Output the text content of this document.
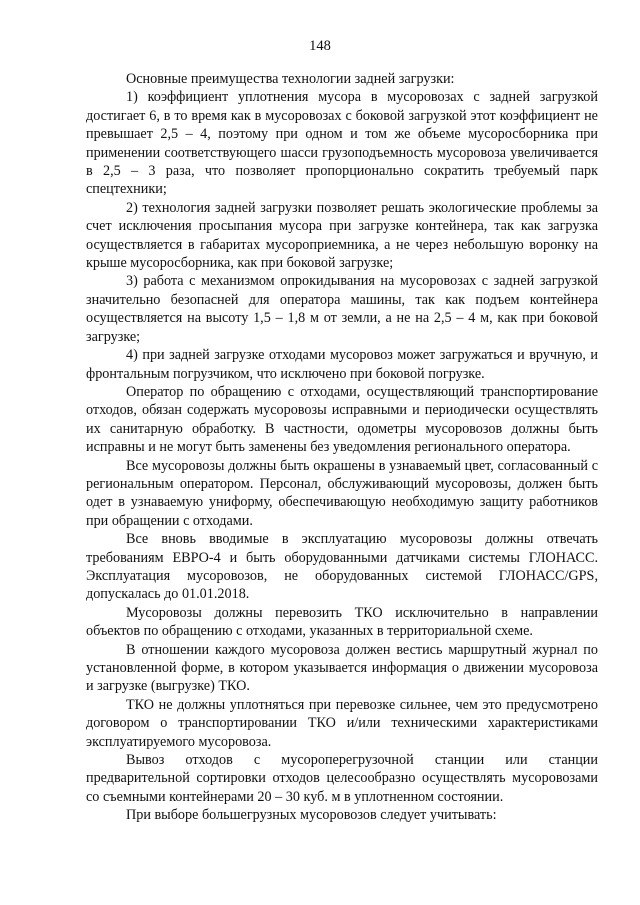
148

Основные преимущества технологии задней загрузки:

1) коэффициент уплотнения мусора в мусоровозах с задней загрузкой достигает 6, в то время как в мусоровозах с боковой загрузкой этот коэффициент не превышает 2,5 – 4, поэтому при одном и том же объеме мусоросборника при применении соответствующего шасси грузоподъемность мусоровоза увеличивается в 2,5 – 3 раза, что позволяет пропорционально сократить требуемый парк спецтехники;

2) технология задней загрузки позволяет решать экологические проблемы за счет исключения просыпания мусора при загрузке контейнера, так как загрузка осуществляется в габаритах мусороприемника, а не через небольшую воронку на крыше мусоросборника, как при боковой загрузке;

3) работа с механизмом опрокидывания на мусоровозах с задней загрузкой значительно безопасней для оператора машины, так как подъем контейнера осуществляется на высоту 1,5 – 1,8 м от земли, а не на 2,5 – 4 м, как при боковой загрузке;

4) при задней загрузке отходами мусоровоз может загружаться и вручную, и фронтальным погрузчиком, что исключено при боковой погрузке.

Оператор по обращению с отходами, осуществляющий транспортирование отходов, обязан содержать мусоровозы исправными и периодически осуществлять их санитарную обработку. В частности, одометры мусоровозов должны быть исправны и не могут быть заменены без уведомления регионального оператора.

Все мусоровозы должны быть окрашены в узнаваемый цвет, согласованный с региональным оператором. Персонал, обслуживающий мусоровозы, должен быть одет в узнаваемую униформу, обеспечивающую необходимую защиту работников при обращении с отходами.

Все вновь вводимые в эксплуатацию мусоровозы должны отвечать требованиям ЕВРО-4 и быть оборудованными датчиками системы ГЛОНАСС. Эксплуатация мусоровозов, не оборудованных системой ГЛОНАСС/GPS, допускалась до 01.01.2018.

Мусоровозы должны перевозить ТКО исключительно в направлении объектов по обращению с отходами, указанных в территориальной схеме.

В отношении каждого мусоровоза должен вестись маршрутный журнал по установленной форме, в котором указывается информация о движении мусоровоза и загрузке (выгрузке) ТКО.

ТКО не должны уплотняться при перевозке сильнее, чем это предусмотрено договором о транспортировании ТКО и/или техническими характеристиками эксплуатируемого мусоровоза.

Вывоз отходов с мусороперегрузочной станции или станции предварительной сортировки отходов целесообразно осуществлять мусоровозами со съемными контейнерами 20 – 30 куб. м в уплотненном состоянии.

При выборе большегрузных мусоровозов следует учитывать:
